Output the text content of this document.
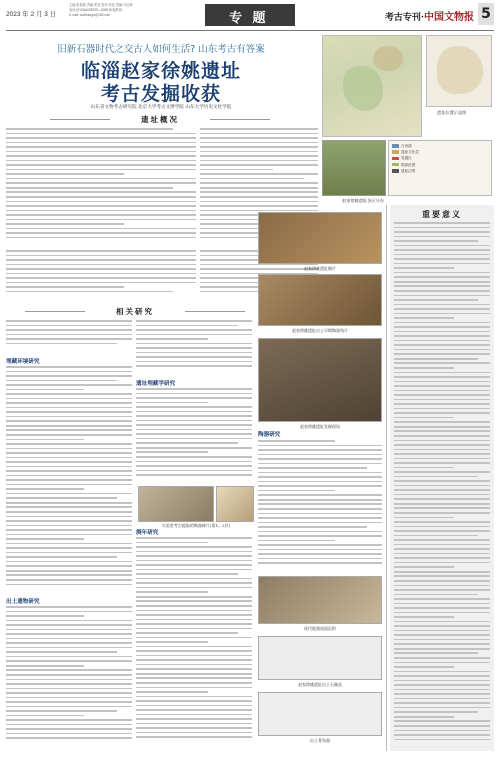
2023 年 2 月 3 日
主编:张振硕 责编:张莹 校对:张怡 美编:马征翠
电话:(010)64038229—6095 新闻热线:
E-mail: wwbkaogu@163.com	专 题	考古专刊·中国文物报 5
旧新石器时代之交古人如何生活? 山东考古有答案
临淄赵家徐姚遗址
考古发掘收获
山东省文物考古研究院 北京大学考古文博学院 山东大学历史文化学院
遗址位置示意图
古河道
遗址文化层
发掘区
勘探范围
遗址边界
赵家徐姚遗址各区分布
遗址概况
相关研究
埋藏环境研究
遗址埋藏学研究
出土遗物研究
测年研究
陶器研究
赵家徐姚遗址陶片
赵家徐姚遗址出土早期陶器残片
赵家徐姚遗址发掘现场
实验室考古提取的陶器碎片(第1、2层)
现代地貌剖面沉积
赵家徐姚遗址出土石制品
出土骨角器
重要意义
